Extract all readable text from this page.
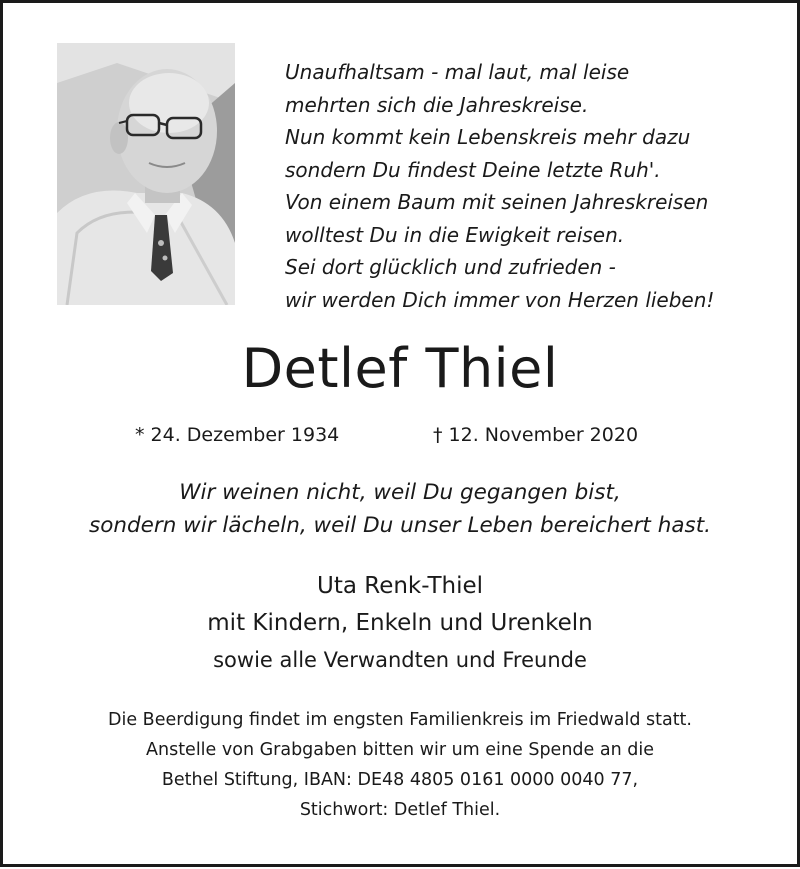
Unaufhaltsam - mal laut, mal leise
mehrten sich die Jahreskreise.
Nun kommt kein Lebenskreis mehr dazu
sondern Du findest Deine letzte Ruh'.
Von einem Baum mit seinen Jahreskreisen
wolltest Du in die Ewigkeit reisen.
Sei dort glücklich und zufrieden -
wir werden Dich immer von Herzen lieben!
Detlef Thiel
* 24. Dezember 1934	† 12. November 2020
Wir weinen nicht, weil Du gegangen bist,
sondern wir lächeln, weil Du unser Leben bereichert hast.
Uta Renk-Thiel
mit Kindern, Enkeln und Urenkeln
sowie alle Verwandten und Freunde
Die Beerdigung findet im engsten Familienkreis im Friedwald statt.
Anstelle von Grabgaben bitten wir um eine Spende an die
Bethel Stiftung, IBAN: DE48 4805 0161 0000 0040 77,
Stichwort: Detlef Thiel.
